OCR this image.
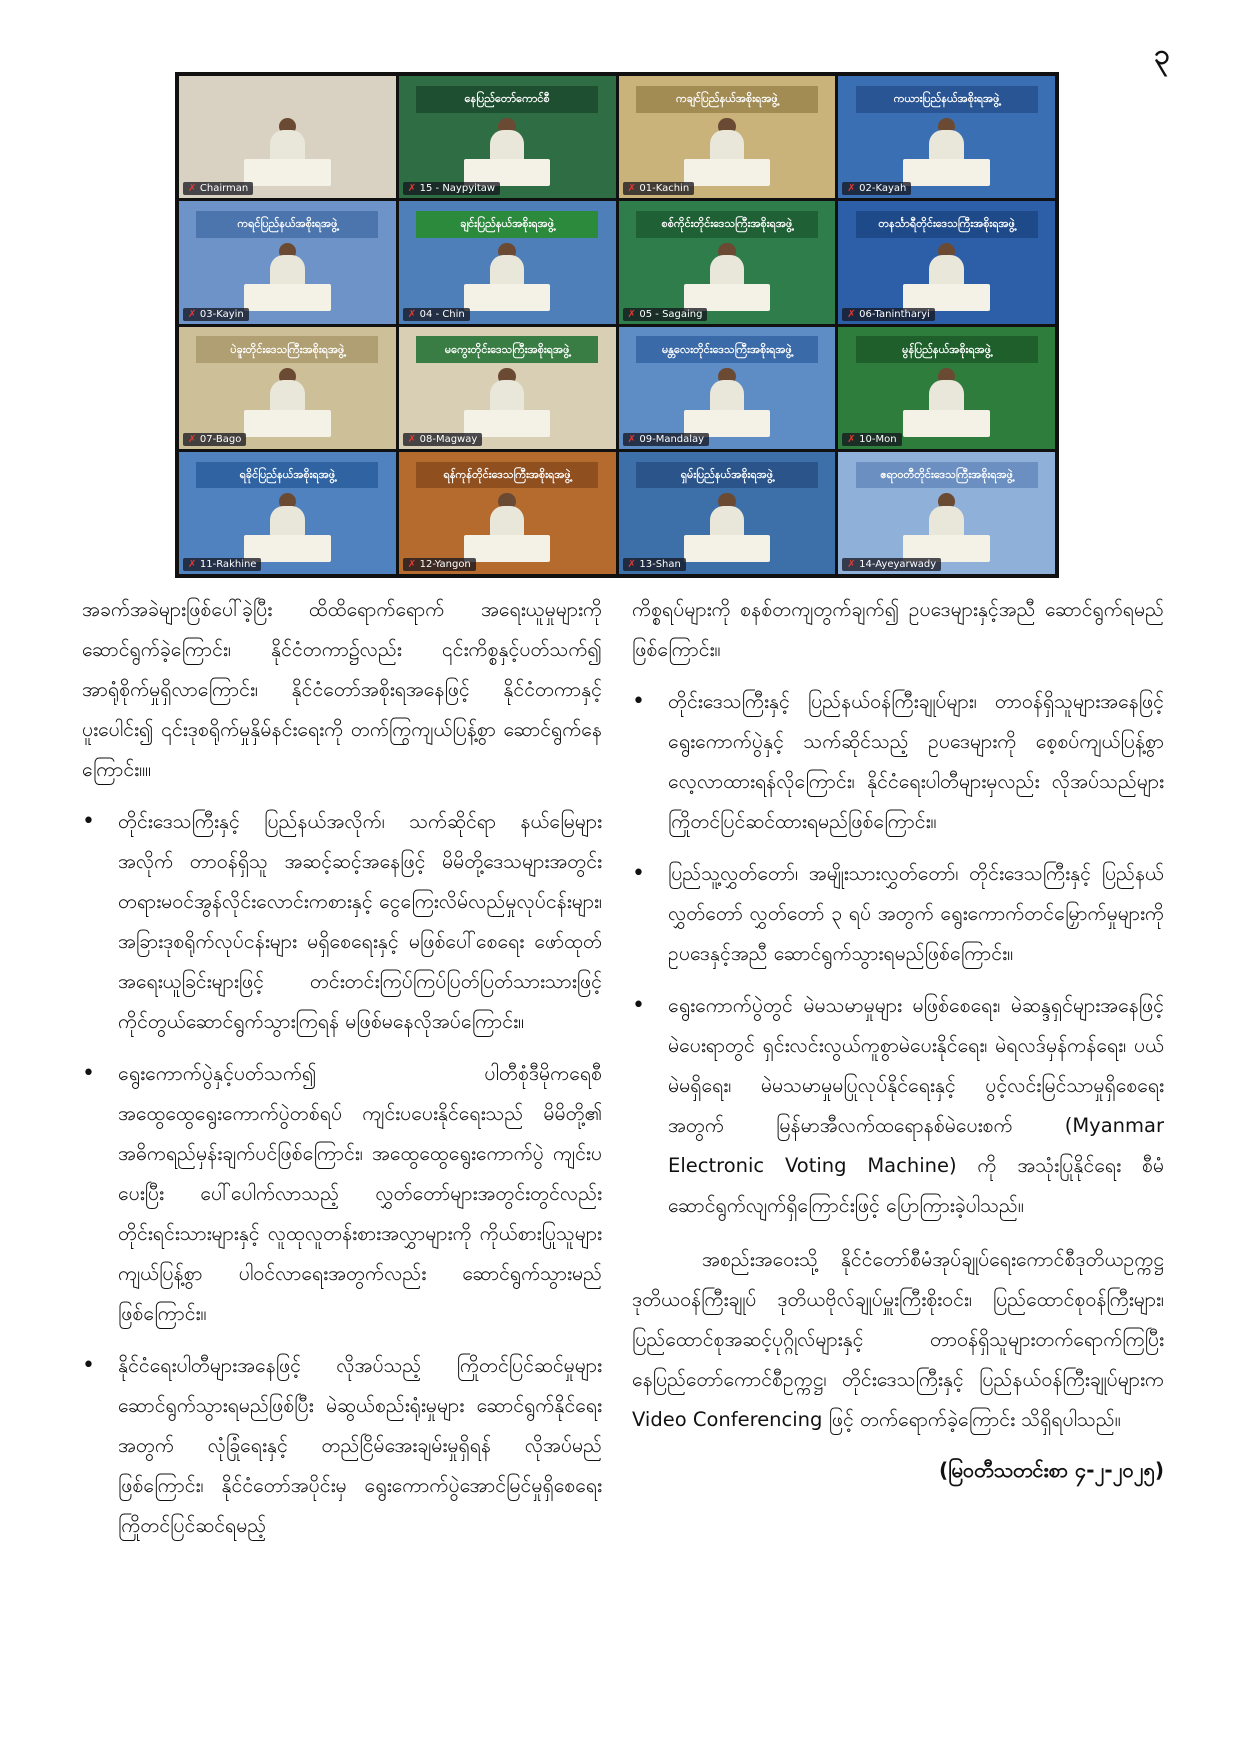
၃
✗ Chairman
နေပြည်တော်ကောင်စီ
✗ 15 - Naypyitaw
ကချင်ပြည်နယ်အစိုးရအဖွဲ့
✗ 01-Kachin
ကယားပြည်နယ်အစိုးရအဖွဲ့
✗ 02-Kayah
ကရင်ပြည်နယ်အစိုးရအဖွဲ့
✗ 03-Kayin
ချင်းပြည်နယ်အစိုးရအဖွဲ့
✗ 04 - Chin
စစ်ကိုင်းတိုင်းဒေသကြီးအစိုးရအဖွဲ့
✗ 05 - Sagaing
တနင်္သာရီတိုင်းဒေသကြီးအစိုးရအဖွဲ့
✗ 06-Tanintharyi
ပဲခူးတိုင်းဒေသကြီးအစိုးရအဖွဲ့
✗ 07-Bago
မကွေးတိုင်းဒေသကြီးအစိုးရအဖွဲ့
✗ 08-Magway
မန္တလေးတိုင်းဒေသကြီးအစိုးရအဖွဲ့
✗ 09-Mandalay
မွန်ပြည်နယ်အစိုးရအဖွဲ့
✗ 10-Mon
ရခိုင်ပြည်နယ်အစိုးရအဖွဲ့
✗ 11-Rakhine
ရန်ကုန်တိုင်းဒေသကြီးအစိုးရအဖွဲ့
✗ 12-Yangon
ရှမ်းပြည်နယ်အစိုးရအဖွဲ့
✗ 13-Shan
ဧရာဝတီတိုင်းဒေသကြီးအစိုးရအဖွဲ့
✗ 14-Ayeyarwady

အခက်အခဲများဖြစ်ပေါ်ခဲ့ပြီး ထိထိရောက်ရောက် အရေးယူမှုများကို ဆောင်ရွက်ခဲ့ကြောင်း၊ နိုင်ငံတကာ၌လည်း ၎င်းကိစ္စနှင့်ပတ်သက်၍ အာရုံစိုက်မှုရှိလာကြောင်း၊ နိုင်ငံတော်အစိုးရအနေဖြင့် နိုင်ငံတကာနှင့်ပူးပေါင်း၍ ၎င်းဒုစရိုက်မှုနှိမ်နင်းရေးကို တက်ကြွကျယ်ပြန့်စွာ ဆောင်ရွက်နေကြောင်း။။

• တိုင်းဒေသကြီးနှင့် ပြည်နယ်အလိုက်၊ သက်ဆိုင်ရာ နယ်မြေများအလိုက် တာဝန်ရှိသူ အဆင့်ဆင့်အနေဖြင့် မိမိတို့ဒေသများအတွင်း တရားမဝင်အွန်လိုင်းလောင်းကစားနှင့် ငွေကြေးလိမ်လည်မှုလုပ်ငန်းများ၊ အခြားဒုစရိုက်လုပ်ငန်းများ မရှိစေရေးနှင့် မဖြစ်ပေါ်စေရေး ဖော်ထုတ်အရေးယူခြင်းများဖြင့် တင်းတင်းကြပ်ကြပ်ပြတ်ပြတ်သားသားဖြင့် ကိုင်တွယ်ဆောင်ရွက်သွားကြရန် မဖြစ်မနေလိုအပ်ကြောင်း။
• ရွေးကောက်ပွဲနှင့်ပတ်သက်၍ ပါတီစုံဒီမိုကရေစီအထွေထွေရွေးကောက်ပွဲတစ်ရပ် ကျင်းပပေးနိုင်ရေးသည် မိမိတို့၏ အဓိကရည်မှန်းချက်ပင်ဖြစ်ကြောင်း၊ အထွေထွေရွေးကောက်ပွဲ ကျင်းပပေးပြီး ပေါ်ပေါက်လာသည့် လွှတ်တော်များအတွင်းတွင်လည်း တိုင်းရင်းသားများနှင့် လူထုလူတန်းစားအလွှာများကို ကိုယ်စားပြုသူများ ကျယ်ပြန့်စွာ ပါဝင်လာရေးအတွက်လည်း ဆောင်ရွက်သွားမည်ဖြစ်ကြောင်း။
• နိုင်ငံရေးပါတီများအနေဖြင့် လိုအပ်သည့် ကြိုတင်ပြင်ဆင်မှုများဆောင်ရွက်သွားရမည်ဖြစ်ပြီး မဲဆွယ်စည်းရုံးမှုများ ဆောင်ရွက်နိုင်ရေးအတွက် လုံခြုံရေးနှင့် တည်ငြိမ်အေးချမ်းမှုရှိရန် လိုအပ်မည်ဖြစ်ကြောင်း၊ နိုင်ငံတော်အပိုင်းမှ ရွေးကောက်ပွဲအောင်မြင်မှုရှိစေရေး ကြိုတင်ပြင်ဆင်ရမည့်

ကိစ္စရပ်များကို စနစ်တကျတွက်ချက်၍ ဥပဒေများနှင့်အညီ ဆောင်ရွက်ရမည် ဖြစ်ကြောင်း။

• တိုင်းဒေသကြီးနှင့် ပြည်နယ်ဝန်ကြီးချုပ်များ၊ တာဝန်ရှိသူများအနေဖြင့် ရွေးကောက်ပွဲနှင့် သက်ဆိုင်သည့် ဥပဒေများကို စေ့စပ်ကျယ်ပြန့်စွာ လေ့လာထားရန်လိုကြောင်း၊ နိုင်ငံရေးပါတီများမှလည်း လိုအပ်သည်များ ကြိုတင်ပြင်ဆင်ထားရမည်ဖြစ်ကြောင်း။
• ပြည်သူ့လွှတ်တော်၊ အမျိုးသားလွှတ်တော်၊ တိုင်းဒေသကြီးနှင့် ပြည်နယ်လွှတ်တော် လွှတ်တော် ၃ ရပ် အတွက် ရွေးကောက်တင်မြှောက်မှုများကို ဥပဒေနှင့်အညီ ဆောင်ရွက်သွားရမည်ဖြစ်ကြောင်း။
• ရွေးကောက်ပွဲတွင် မဲမသမာမှုများ မဖြစ်စေရေး၊ မဲဆန္ဒရှင်များအနေဖြင့် မဲပေးရာတွင် ရှင်းလင်းလွယ်ကူစွာမဲပေးနိုင်ရေး၊ မဲရလဒ်မှန်ကန်ရေး၊ ပယ်မဲမရှိရေး၊ မဲမသမာမှုမပြုလုပ်နိုင်ရေးနှင့် ပွင့်လင်းမြင်သာမှုရှိစေရေးအတွက် မြန်မာအီလက်ထရောနစ်မဲပေးစက် (Myanmar Electronic Voting Machine) ကို အသုံးပြုနိုင်ရေး စီမံဆောင်ရွက်လျက်ရှိကြောင်းဖြင့် ပြောကြားခဲ့ပါသည်။

အစည်းအဝေးသို့ နိုင်ငံတော်စီမံအုပ်ချုပ်ရေးကောင်စီဒုတိယဥက္ကဋ္ဌ ဒုတိယဝန်ကြီးချုပ် ဒုတိယဗိုလ်ချုပ်မှူးကြီးစိုးဝင်း၊ ပြည်ထောင်စုဝန်ကြီးများ၊ ပြည်ထောင်စုအဆင့်ပုဂ္ဂိုလ်များနှင့် တာဝန်ရှိသူများတက်ရောက်ကြပြီး နေပြည်တော်ကောင်စီဥက္ကဋ္ဌ၊ တိုင်းဒေသကြီးနှင့် ပြည်နယ်ဝန်ကြီးချုပ်များက Video Conferencing ဖြင့် တက်ရောက်ခဲ့ကြောင်း သိရှိရပါသည်။

(မြဝတီသတင်းစာ ၄-၂-၂၀၂၅)
